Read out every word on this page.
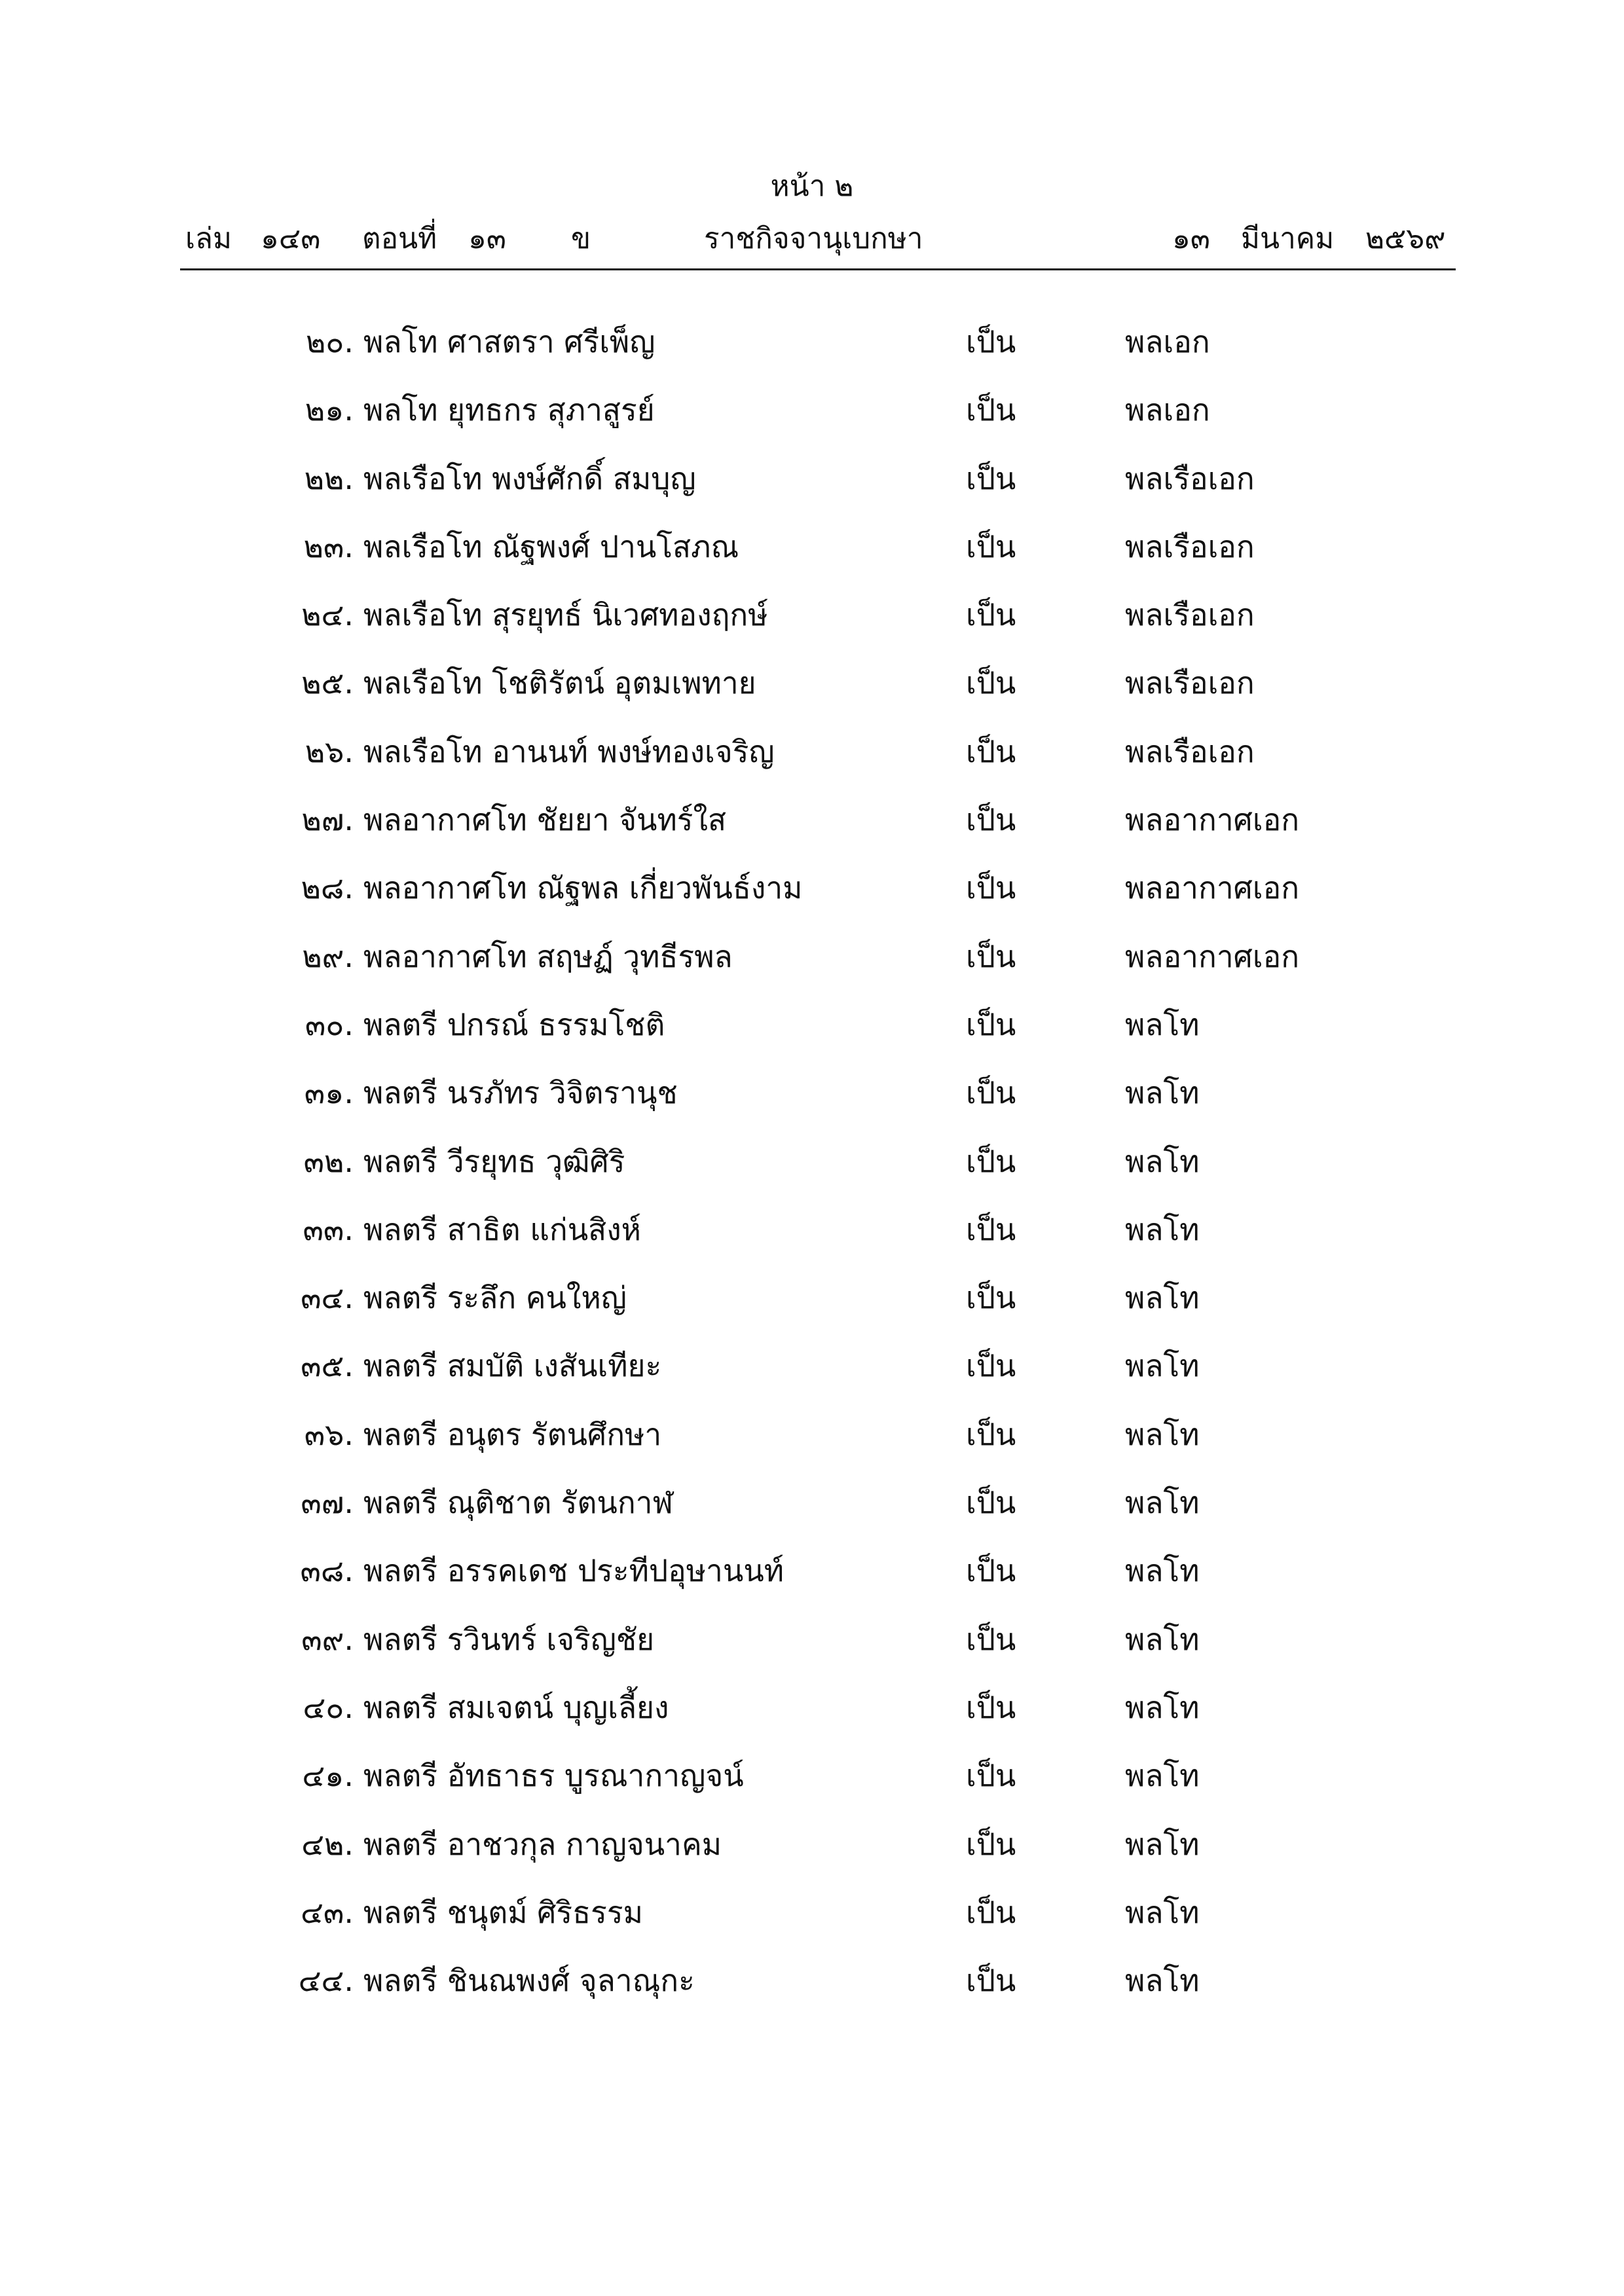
หน้า ๒
เล่ม ๑๔๓ ตอนที่ ๑๓ ข	ราชกิจจานุเบกษา	๑๓ มีนาคม ๒๕๖๙
๒๐. พลโท ศาสตรา ศรีเพ็ญ	เป็น	พลเอก
๒๑. พลโท ยุทธกร สุภาสูรย์	เป็น	พลเอก
๒๒. พลเรือโท พงษ์ศักดิ์ สมบุญ	เป็น	พลเรือเอก
๒๓. พลเรือโท ณัฐพงศ์ ปานโสภณ	เป็น	พลเรือเอก
๒๔. พลเรือโท สุรยุทธ์ นิเวศทองฤกษ์	เป็น	พลเรือเอก
๒๕. พลเรือโท โชติรัตน์ อุตมเพทาย	เป็น	พลเรือเอก
๒๖. พลเรือโท อานนท์ พงษ์ทองเจริญ	เป็น	พลเรือเอก
๒๗. พลอากาศโท ชัยยา จันทร์ใส	เป็น	พลอากาศเอก
๒๘. พลอากาศโท ณัฐพล เกี่ยวพันธ์งาม	เป็น	พลอากาศเอก
๒๙. พลอากาศโท สฤษฏ์ วุทธีรพล	เป็น	พลอากาศเอก
๓๐. พลตรี ปกรณ์ ธรรมโชติ	เป็น	พลโท
๓๑. พลตรี นรภัทร วิจิตรานุช	เป็น	พลโท
๓๒. พลตรี วีรยุทธ วุฒิศิริ	เป็น	พลโท
๓๓. พลตรี สาธิต แก่นสิงห์	เป็น	พลโท
๓๔. พลตรี ระลึก คนใหญ่	เป็น	พลโท
๓๕. พลตรี สมบัติ เงสันเทียะ	เป็น	พลโท
๓๖. พลตรี อนุตร รัตนศึกษา	เป็น	พลโท
๓๗. พลตรี ณุติชาต รัตนกาฬ	เป็น	พลโท
๓๘. พลตรี อรรคเดช ประทีปอุษานนท์	เป็น	พลโท
๓๙. พลตรี รวินทร์ เจริญชัย	เป็น	พลโท
๔๐. พลตรี สมเจตน์ บุญเลี้ยง	เป็น	พลโท
๔๑. พลตรี อัทธาธร บูรณากาญจน์	เป็น	พลโท
๔๒. พลตรี อาชวกุล กาญจนาคม	เป็น	พลโท
๔๓. พลตรี ชนุตม์ ศิริธรรม	เป็น	พลโท
๔๔. พลตรี ชินณพงศ์ จุลาณุกะ	เป็น	พลโท
